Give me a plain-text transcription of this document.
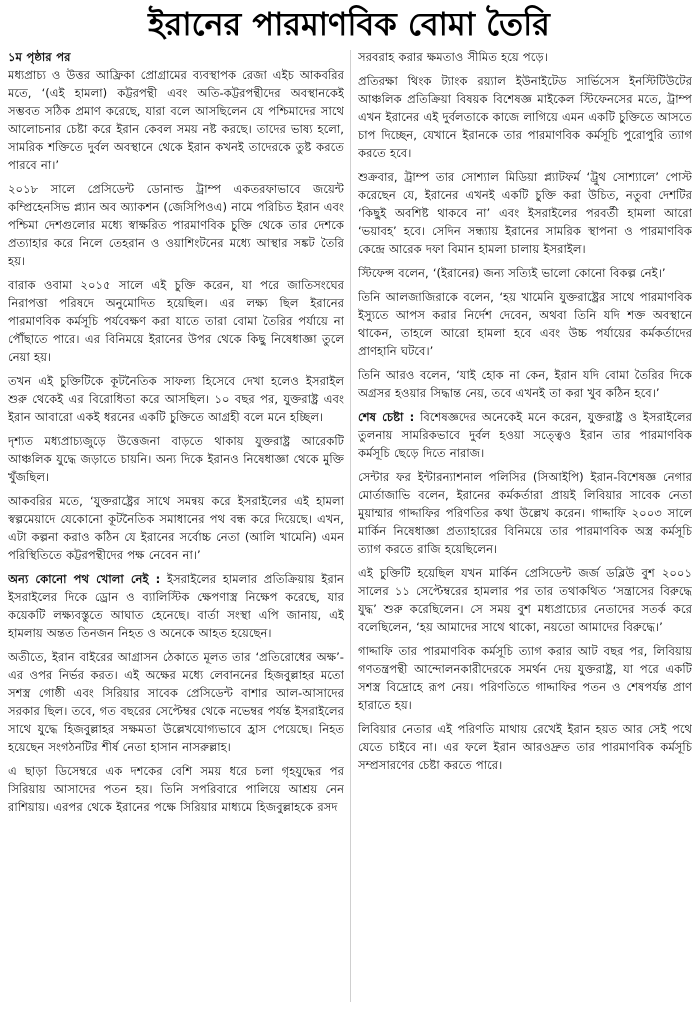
ইরানের পারমাণবিক বোমা তৈরি

১ম পৃষ্ঠার পর

মধ্যপ্রাচ্য ও উত্তর আফ্রিকা প্রোগ্রামের ব্যবস্থাপক রেজা এইচ আকবরির মতে, ‘(এই হামলা) কট্টরপন্থী এবং অতি-কট্টরপন্থীদের অবস্থানকেই সম্ভবত সঠিক প্রমাণ করেছে, যারা বলে আসছিলেন যে পশ্চিমাদের সাথে আলোচনার চেষ্টা করে ইরান কেবল সময় নষ্ট করছে। তাদের ভাষ্য হলো, সামরিক শক্তিতে দুর্বল অবস্থানে থেকে ইরান কখনই তাদেরকে তুষ্ট করতে পারবে না।’

২০১৮ সালে প্রেসিডেন্ট ডোনাল্ড ট্রাম্প একতরফাভাবে জয়েন্ট কম্প্রিহেনসিভ প্ল্যান অব অ্যাকশন (জেসিপিওএ) নামে পরিচিত ইরান এবং পশ্চিমা দেশগুলোর মধ্যে স্বাক্ষরিত পারমাণবিক চুক্তি থেকে তার দেশকে প্রত্যাহার করে নিলে তেহরান ও ওয়াশিংটনের মধ্যে আস্থার সঙ্কট তৈরি হয়।

বারাক ওবামা ২০১৫ সালে এই চুক্তি করেন, যা পরে জাতিসংঘের নিরাপত্তা পরিষদে অনুমোদিত হয়েছিল। এর লক্ষ্য ছিল ইরানের পারমাণবিক কর্মসূচি পর্যবেক্ষণ করা যাতে তারা বোমা তৈরির পর্যায়ে না পৌঁছাতে পারে। এর বিনিময়ে ইরানের উপর থেকে কিছু নিষেধাজ্ঞা তুলে নেয়া হয়।

তখন এই চুক্তিটিকে কূটনৈতিক সাফল্য হিসেবে দেখা হলেও ইসরাইল শুরু থেকেই এর বিরোধিতা করে আসছিল। ১০ বছর পর, যুক্তরাষ্ট্র এবং ইরান আবারো একই ধরনের একটি চুক্তিতে আগ্রহী বলে মনে হচ্ছিল।

দৃশ্যত মধ্যপ্রাচ্যজুড়ে উত্তেজনা বাড়তে থাকায় যুক্তরাষ্ট্র আরেকটি আঞ্চলিক যুদ্ধে জড়াতে চায়নি। অন্য দিকে ইরানও নিষেধাজ্ঞা থেকে মুক্তি খুঁজছিল।

আকবরির মতে, ‘যুক্তরাষ্ট্রের সাথে সমন্বয় করে ইসরাইলের এই হামলা স্বল্পমেয়াদে যেকোনো কূটনৈতিক সমাধানের পথ বন্ধ করে দিয়েছে। এখন, এটা কল্পনা করাও কঠিন যে ইরানের সর্বোচ্চ নেতা (আলি খামেনি) এমন পরিস্থিতিতে কট্টরপন্থীদের পক্ষ নেবেন না।’

অন্য কোনো পথ খোলা নেই : ইসরাইলের হামলার প্রতিক্রিয়ায় ইরান ইসরাইলের দিকে ড্রোন ও ব্যালিস্টিক ক্ষেপণাস্ত্র নিক্ষেপ করেছে, যার কয়েকটি লক্ষ্যবস্তুতে আঘাত হেনেছে। বার্তা সংস্থা এপি জানায়, এই হামলায় অন্তত তিনজন নিহত ও অনেকে আহত হয়েছেন।

অতীতে, ইরান বাইরের আগ্রাসন ঠেকাতে মূলত তার ‘প্রতিরোধের অক্ষ’-এর ওপর নির্ভর করত। এই অক্ষের মধ্যে লেবাননের হিজবুল্লাহর মতো সশস্ত্র গোষ্ঠী এবং সিরিয়ার সাবেক প্রেসিডেন্ট বাশার আল-আসাদের সরকার ছিল। তবে, গত বছরের সেপ্টেম্বর থেকে নভেম্বর পর্যন্ত ইসরাইলের সাথে যুদ্ধে হিজবুল্লাহর সক্ষমতা উল্লেখযোগ্যভাবে হ্রাস পেয়েছে। নিহত হয়েছেন সংগঠনটির শীর্ষ নেতা হাসান নাসরুল্লাহ।

এ ছাড়া ডিসেম্বরে এক দশকের বেশি সময় ধরে চলা গৃহযুদ্ধের পর সিরিয়ায় আসাদের পতন হয়। তিনি সপরিবারে পালিয়ে আশ্রয় নেন রাশিয়ায়। এরপর থেকে ইরানের পক্ষে সিরিয়ার মাধ্যমে হিজবুল্লাহকে রসদ

সরবরাহ করার ক্ষমতাও সীমিত হয়ে পড়ে।

প্রতিরক্ষা থিংক ট্যাংক রয়্যাল ইউনাইটেড সার্ভিসেস ইনস্টিটিউটের আঞ্চলিক প্রতিক্রিয়া বিষয়ক বিশেষজ্ঞ মাইকেল স্টিফেনসের মতে, ট্রাম্প এখন ইরানের এই দুর্বলতাকে কাজে লাগিয়ে এমন একটি চুক্তিতে আসতে চাপ দিচ্ছেন, যেখানে ইরানকে তার পারমাণবিক কর্মসূচি পুরোপুরি ত্যাগ করতে হবে।

শুক্রবার, ট্রাম্প তার সোশ্যাল মিডিয়া প্ল্যাটফর্ম ‘ট্রুথ সোশ্যালে’ পোস্ট করেছেন যে, ইরানের এখনই একটি চুক্তি করা উচিত, নতুবা দেশটির ‘কিছুই অবশিষ্ট থাকবে না’ এবং ইসরাইলের পরবর্তী হামলা আরো ‘ভয়াবহ’ হবে। সেদিন সন্ধ্যায় ইরানের সামরিক স্থাপনা ও পারমাণবিক কেন্দ্রে আরেক দফা বিমান হামলা চালায় ইসরাইল।

স্টিফেন্স বলেন, ‘(ইরানের) জন্য সত্যিই ভালো কোনো বিকল্প নেই।’

তিনি আলজাজিরাকে বলেন, ‘হয় খামেনি যুক্তরাষ্ট্রের সাথে পারমাণবিক ইস্যুতে আপস করার নির্দেশ দেবেন, অথবা তিনি যদি শক্ত অবস্থানে থাকেন, তাহলে আরো হামলা হবে এবং উচ্চ পর্যায়ের কর্মকর্তাদের প্রাণহানি ঘটবে।’

তিনি আরও বলেন, ‘যাই হোক না কেন, ইরান যদি বোমা তৈরির দিকে অগ্রসর হওয়ার সিদ্ধান্ত নেয়, তবে এখনই তা করা খুব কঠিন হবে।’

শেষ চেষ্টা : বিশেষজ্ঞদের অনেকেই মনে করেন, যুক্তরাষ্ট্র ও ইসরাইলের তুলনায় সামরিকভাবে দুর্বল হওয়া সত্ত্বেও ইরান তার পারমাণবিক কর্মসূচি ছেড়ে দিতে নারাজ।

সেন্টার ফর ইন্টারন্যাশনাল পলিসির (সিআইপি) ইরান-বিশেষজ্ঞ নেগার মোর্তাজাভি বলেন, ইরানের কর্মকর্তারা প্রায়ই লিবিয়ার সাবেক নেতা মুয়াম্মার গাদ্দাফির পরিণতির কথা উল্লেখ করেন। গাদ্দাফি ২০০৩ সালে মার্কিন নিষেধাজ্ঞা প্রত্যাহারের বিনিময়ে তার পারমাণবিক অস্ত্র কর্মসূচি ত্যাগ করতে রাজি হয়েছিলেন।

এই চুক্তিটি হয়েছিল যখন মার্কিন প্রেসিডেন্ট জর্জ ডব্লিউ বুশ ২০০১ সালের ১১ সেপ্টেম্বরের হামলার পর তার তথাকথিত ‘সন্ত্রাসের বিরুদ্ধে যুদ্ধ’ শুরু করেছিলেন। সে সময় বুশ মধ্যপ্রাচ্যের নেতাদের সতর্ক করে বলেছিলেন, ‘হয় আমাদের সাথে থাকো, নয়তো আমাদের বিরুদ্ধে।’

গাদ্দাফি তার পারমাণবিক কর্মসূচি ত্যাগ করার আট বছর পর, লিবিয়ায় গণতন্ত্রপন্থী আন্দোলনকারীদেরকে সমর্থন দেয় যুক্তরাষ্ট্র, যা পরে একটি সশস্ত্র বিদ্রোহে রূপ নেয়। পরিণতিতে গাদ্দাফির পতন ও শেষপর্যন্ত প্রাণ হারাতে হয়।

লিবিয়ার নেতার এই পরিণতি মাথায় রেখেই ইরান হয়ত আর সেই পথে যেতে চাইবে না। এর ফলে ইরান আরওদ্রুত তার পারমাণবিক কর্মসূচি সম্প্রসারণের চেষ্টা করতে পারে।
